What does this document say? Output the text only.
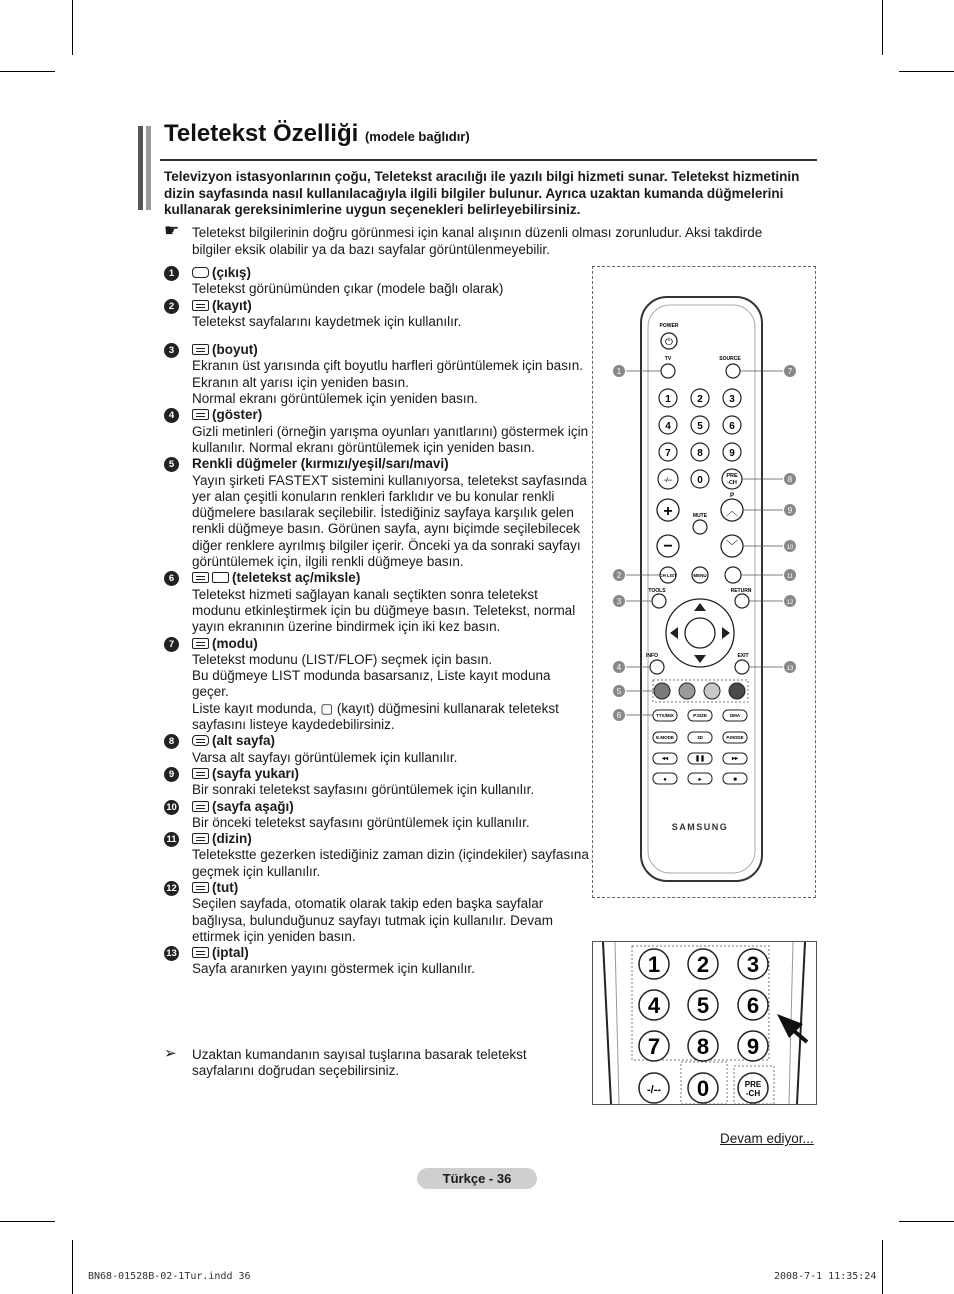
Teletekst Özelliği (modele bağlıdır)
Televizyon istasyonlarının çoğu, Teletekst aracılığı ile yazılı bilgi hizmeti sunar. Teletekst hizmetinin dizin sayfasında nasıl kullanılacağıyla ilgili bilgiler bulunur. Ayrıca uzaktan kumanda düğmelerini kullanarak gereksinimlerine uygun seçenekleri belirleyebilirsiniz.
☛ Teletekst bilgilerinin doğru görünmesi için kanal alışının düzenli olması zorunludur. Aksi takdirde bilgiler eksik olabilir ya da bazı sayfalar görüntülenmeyebilir.
1	(çıkış)
Teletekst görünümünden çıkar (modele bağlı olarak)
2	(kayıt)
Teletekst sayfalarını kaydetmek için kullanılır.
3	(boyut)
Ekranın üst yarısında çift boyutlu harfleri görüntülemek için basın. Ekranın alt yarısı için yeniden basın.
Normal ekranı görüntülemek için yeniden basın.
4	(göster)
Gizli metinleri (örneğin yarışma oyunları yanıtlarını) göstermek için kullanılır. Normal ekranı görüntülemek için yeniden basın.
5	Renkli düğmeler (kırmızı/yeşil/sarı/mavi)
Yayın şirketi FASTEXT sistemini kullanıyorsa, teletekst sayfasında yer alan çeşitli konuların renkleri farklıdır ve bu konular renkli düğmelere basılarak seçilebilir. İstediğiniz sayfaya karşılık gelen renkli düğmeye basın. Görünen sayfa, aynı biçimde seçilebilecek diğer renklere ayrılmış bilgiler içerir. Önceki ya da sonraki sayfayı görüntülemek için, ilgili renkli düğmeye basın.
6	(teletekst aç/miksle)
Teletekst hizmeti sağlayan kanalı seçtikten sonra teletekst modunu etkinleştirmek için bu düğmeye basın. Teletekst, normal yayın ekranının üzerine bindirmek için iki kez basın.
7	(modu)
Teletekst modunu (LIST/FLOF) seçmek için basın.
Bu düğmeye LIST modunda basarsanız, Liste kayıt moduna geçer.
Liste kayıt modunda, ▢ (kayıt) düğmesini kullanarak teletekst sayfasını listeye kaydedebilirsiniz.
8	(alt sayfa)
Varsa alt sayfayı görüntülemek için kullanılır.
9	(sayfa yukarı)
Bir sonraki teletekst sayfasını görüntülemek için kullanılır.
10	(sayfa aşağı)
Bir önceki teletekst sayfasını görüntülemek için kullanılır.
11	(dizin)
Teletekstte gezerken istediğiniz zaman dizin (içindekiler) sayfasına geçmek için kullanılır.
12	(tut)
Seçilen sayfada, otomatik olarak takip eden başka sayfalar bağlıysa, bulunduğunuz sayfayı tutmak için kullanılır. Devam ettirmek için yeniden basın.
13	(iptal)
Sayfa aranırken yayını göstermek için kullanılır.
➢ Uzaktan kumandanın sayısal tuşlarına basarak teletekst sayfalarını doğrudan seçebilirsiniz.
POWER
⏻
TV	SOURCE
1	2	3
4	5	6
7	8	9
-/--	0	PRE
-CH
+
−
MUTE
P
︿
﹀
CH LIST	MENU
TOOLS	RETURN
INFO	EXIT
TTX/MIX	P.SIZE	DMA
E.MODE	3D	P.MODE
◂◂	❚❚	▸▸
●	▸	■
SAMSUNG
1
2
3
4
5
6
7
8
9
10
11
12
13
1 2 3
4 5 6
7 8 9
-/-- 0	PRE
-CH
Devam ediyor...
Türkçe - 36
BN68-01528B-02-1Tur.indd 36	2008-7-1 11:35:24
